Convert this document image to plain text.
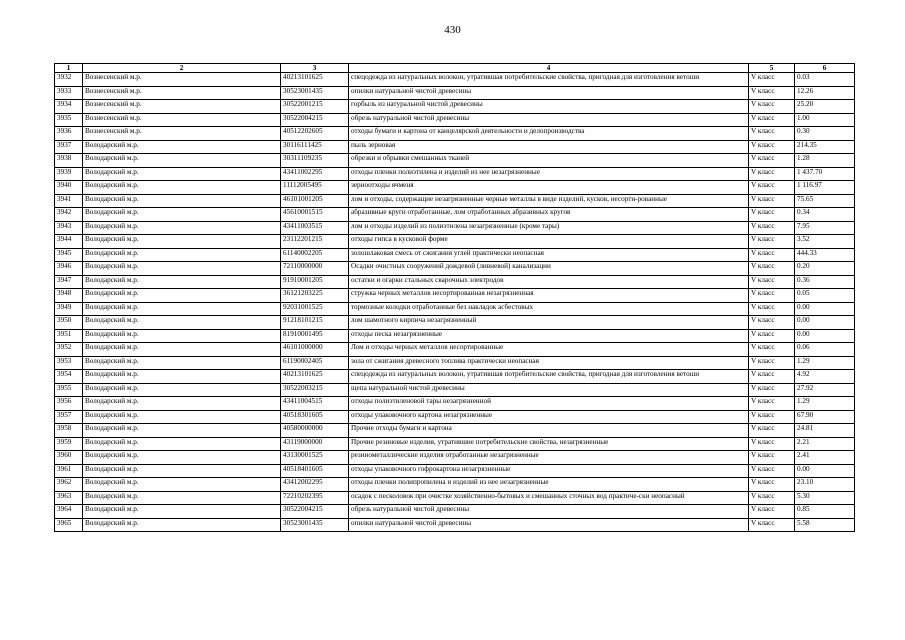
430
1	2	3	4	5	6
3932	Вознесенский м.р.	40213101625	спецодежда из натуральных волокон, утратившая потребительские свойства, пригодная для изготовления ветоши	V класс	0.03
3933	Вознесенский м.р.	30523001435	опилки натуральной чистой древесины	V класс	12.26
3934	Вознесенский м.р.	30522001215	горбыль из натуральной чистой древесины	V класс	25.20
3935	Вознесенский м.р.	30522004215	обрезь натуральной чистой древесины	V класс	1.00
3936	Вознесенский м.р.	40512202605	отходы бумаги и картона от канцелярской деятельности и делопроизводства	V класс	0.30
3937	Володарский м.р.	30116111425	пыль зерновая	V класс	214.35
3938	Володарский м.р.	30311109235	обрезки и обрывки смешанных тканей	V класс	1.28
3939	Володарский м.р.	43411002295	отходы пленки полиэтилена и изделий из нее незагрязненные	V класс	1 437.70
3940	Володарский м.р.	11112005495	зерноотходы ячменя	V класс	1 116.97
3941	Володарский м.р.	46101001205	лом и отходы, содержащие незагрязненные черные металлы в виде изделий, кусков, несорти-рованные	V класс	75.65
3942	Володарский м.р.	45610001515	абразивные круги отработанные, лом отработанных абразивных кругов	V класс	0.34
3943	Володарский м.р.	43411003515	лом и отходы изделий из полиэтилена незагрязненные (кроме тары)	V класс	7.95
3944	Володарский м.р.	23112201215	отходы гипса в кусковой форме	V класс	3.52
3945	Володарский м.р.	61140002205	золошлаковая смесь от сжигания углей практически неопасная	V класс	444.33
3946	Володарский м.р.	72110000000	Осадки очистных сооружений дождевой (ливневой) канализации	V класс	0.20
3947	Володарский м.р.	91910001205	остатки и огарки стальных сварочных электродов	V класс	0.36
3948	Володарский м.р.	36121203225	стружка черных металлов несортированная незагрязненная	V класс	0.05
3949	Володарский м.р.	92031001525	тормозные колодки отработанные без накладок асбестовых	V класс	0.00
3950	Володарский м.р.	91218101215	лом шамотного кирпича незагрязненный	V класс	0.00
3951	Володарский м.р.	81910001495	отходы песка незагрязненные	V класс	0.00
3952	Володарский м.р.	46101000000	Лом и отходы черных металлов несортированные	V класс	0.06
3953	Володарский м.р.	61190002405	зола от сжигания древесного топлива практически неопасная	V класс	1.29
3954	Володарский м.р.	40213101625	спецодежда из натуральных волокон, утратившая потребительские свойства, пригодная для изготовления ветоши	V класс	4.92
3955	Володарский м.р.	30522003215	щепа натуральной чистой древесины	V класс	27.92
3956	Володарский м.р.	43411004515	отходы полиэтиленовой тары незагрязненной	V класс	1.29
3957	Володарский м.р.	40518301605	отходы упаковочного картона незагрязненные	V класс	67.90
3958	Володарский м.р.	40580000000	Прочие отходы бумаги и картона	V класс	24.81
3959	Володарский м.р.	43119000000	Прочие резиновые изделия, утратившие потребительские свойства, незагрязненные	V класс	2.21
3960	Володарский м.р.	43130001525	резинометаллические изделия отработанные незагрязненные	V класс	2.41
3961	Володарский м.р.	40518401605	отходы упаковочного гофрокартона незагрязненные	V класс	0.00
3962	Володарский м.р.	43412002295	отходы пленки полипропилена и изделий из нее незагрязненные	V класс	23.10
3963	Володарский м.р.	72210202395	осадок с песколовок при очистке хозяйственно-бытовых и смешанных сточных вод практиче-ски неопасный	V класс	5.30
3964	Володарский м.р.	30522004215	обрезь натуральной чистой древесины	V класс	0.85
3965	Володарский м.р.	30523001435	опилки натуральной чистой древесины	V класс	5.58
